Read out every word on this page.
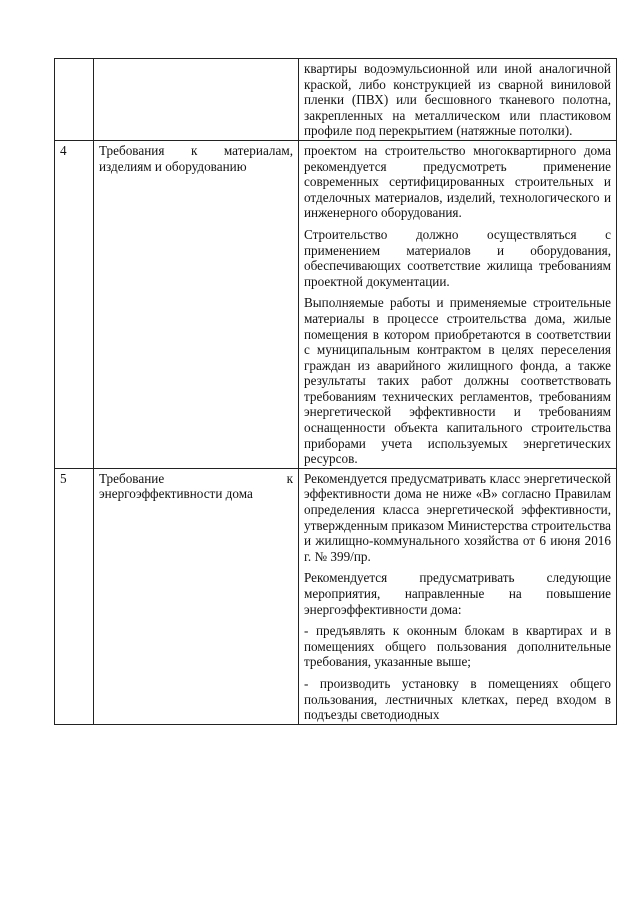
		квартиры водоэмульсионной или иной аналогичной краской, либо конструкцией из сварной виниловой пленки (ПВХ) или бесшовного тканевого полотна, закрепленных на металлическом или пластиковом профиле под перекрытием (натяжные потолки).

4	Требования к материалам, изделиям и оборудованию	проектом на строительство многоквартирного дома рекомендуется предусмотреть применение современных сертифицированных строительных и отделочных материалов, изделий, технологического и инженерного оборудования.

Строительство должно осуществляться с применением материалов и оборудования, обеспечивающих соответствие жилища требованиям проектной документации.

Выполняемые работы и применяемые строительные материалы в процессе строительства дома, жилые помещения в котором приобретаются в соответствии с муниципальным контрактом в целях переселения граждан из аварийного жилищного фонда, а также результаты таких работ должны соответствовать требованиям технических регламентов, требованиям энергетической эффективности и требованиям оснащенности объекта капитального строительства приборами учета используемых энергетических ресурсов.

5	Требование к энергоэффективности дома	Рекомендуется предусматривать класс энергетической эффективности дома не ниже «В» согласно Правилам определения класса энергетической эффективности, утвержденным приказом Министерства строительства и жилищно-коммунального хозяйства от 6 июня 2016 г. № 399/пр.

Рекомендуется предусматривать следующие мероприятия, направленные на повышение энергоэффективности дома:

- предъявлять к оконным блокам в квартирах и в помещениях общего пользования дополнительные требования, указанные выше;

- производить установку в помещениях общего пользования, лестничных клетках, перед входом в подъезды светодиодных
